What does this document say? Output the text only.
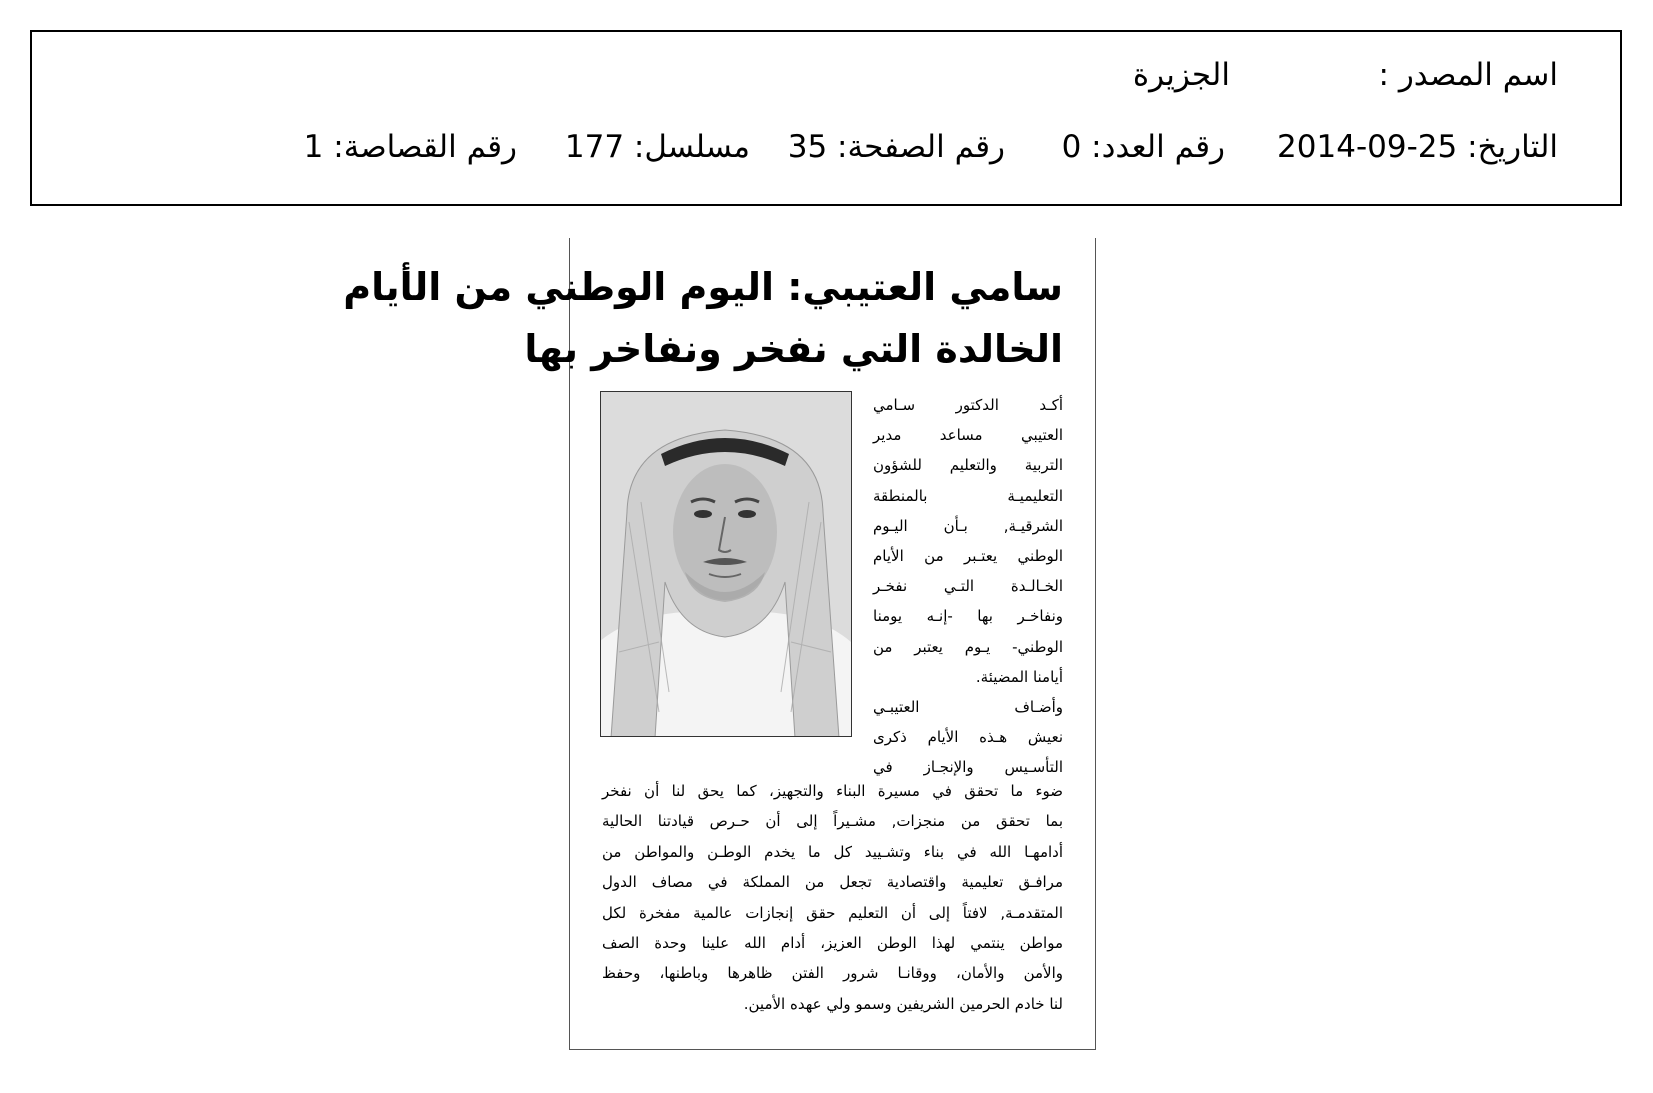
اسم المصدر :
الجزيرة
التاريخ: 25-09-2014
رقم العدد: 0
رقم الصفحة: 35
مسلسل: 177
رقم القصاصة: 1
سامي العتيبي: اليوم الوطني من الأيام
الخالدة التي نفخر ونفاخر بها
أكـد الدكتور سـامي
العتيبي مساعد مدير
التربية والتعليم للشؤون
التعليميـة بالمنطقة
الشرقيـة, بـأن اليـوم
الوطني يعتـبر من الأيام
الخـالـدة التـي نفخـر
ونفاخـر بها -إنـه يومنا
الوطني- يـوم يعتبر من
أيامنا المضيئة.
وأضـاف العتيبـي
نعيش هـذه الأيام ذكرى
التأسـيس والإنجـاز في
ضوء ما تحقق في مسيرة البناء والتجهيز، كما يحق لنا أن نفخر
بما تحقق من منجزات, مشـيراً إلى أن حـرص قيادتنا الحالية
أدامهـا الله في بناء وتشـييد كل ما يخدم الوطـن والمواطن من
مرافـق تعليمية واقتصادية تجعل من المملكة في مصاف الدول
المتقدمـة, لافتاً إلى أن التعليم حقق إنجازات عالمية مفخرة لكل
مواطن ينتمي لهذا الوطن العزيز، أدام الله علينا وحدة الصف
والأمن والأمان، ووقانـا شرور الفتن ظاهرها وباطنها، وحفظ
لنا خادم الحرمين الشريفين وسمو ولي عهده الأمين.
